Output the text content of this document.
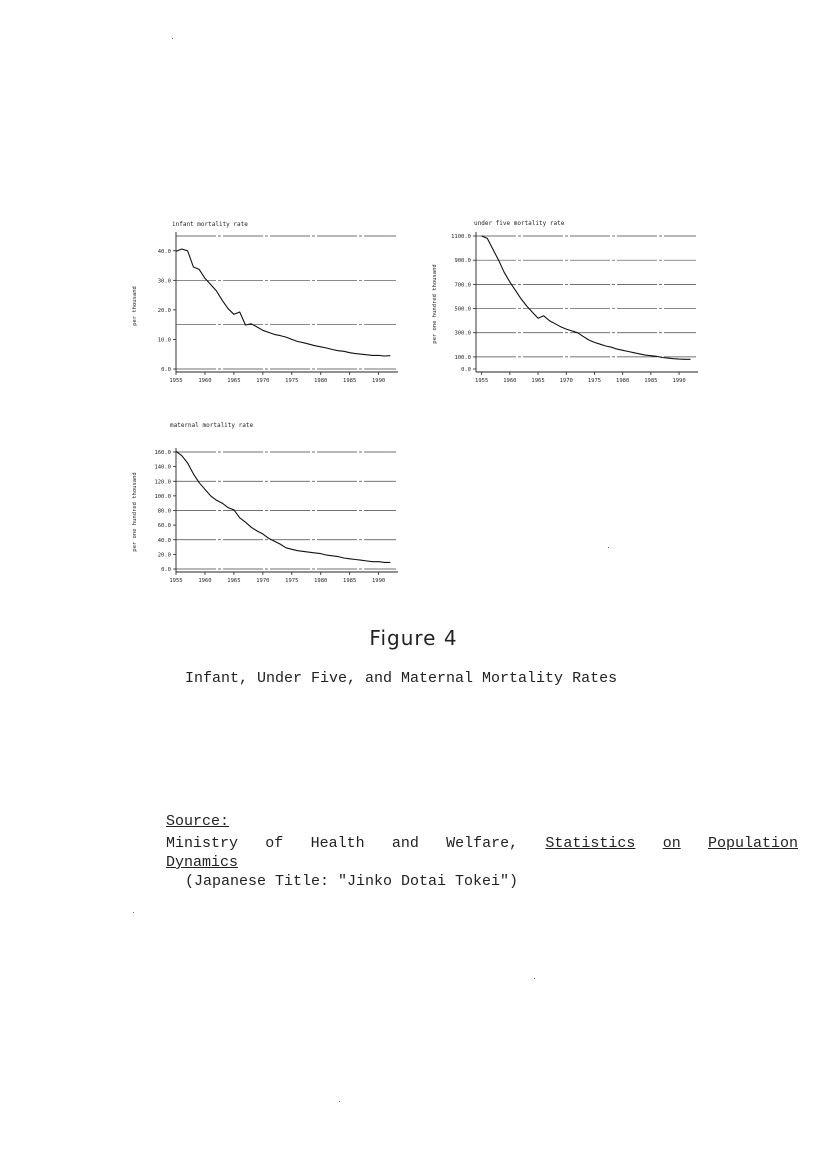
infant mortality rate
per thousand
0.0
10.0
20.0
30.0
40.0
1955	1960	1965	1970	1975	1980	1985	1990
under five mortality rate
per one hundred thousand
0.0
100.0
300.0
500.0
700.0
900.0
1100.0
1955	1960	1965	1970	1975	1980	1985	1990
maternal mortality rate
per one hundred thousand
0.0
20.0
40.0
60.0
80.0
100.0
120.0
140.0
160.0
1955	1960	1965	1970	1975	1980	1985	1990
Figure 4
Infant, Under Five, and Maternal Mortality Rates
Source:
Ministry of Health and Welfare, Statistics on Population
Dynamics
(Japanese Title: "Jinko Dotai Tokei")
